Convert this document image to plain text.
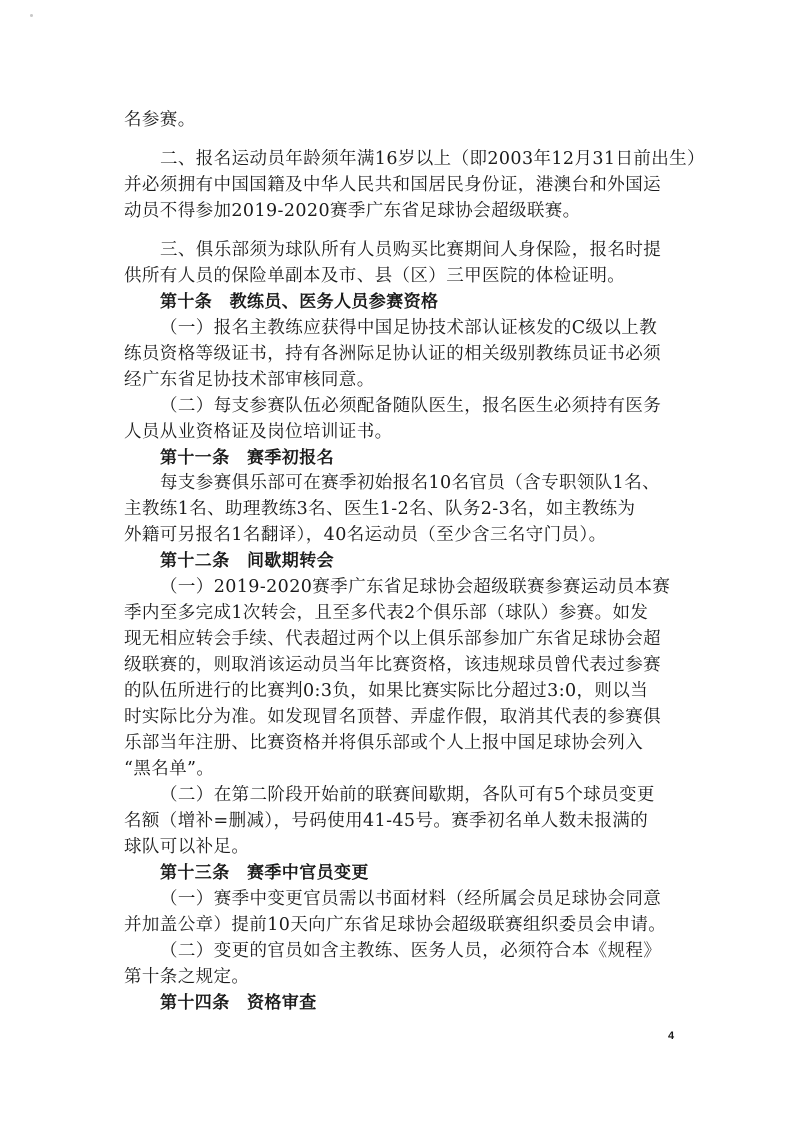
名参赛。
二、报名运动员年龄须年满16岁以上（即2003年12月31日前出生）
并必须拥有中国国籍及中华人民共和国居民身份证，港澳台和外国运
动员不得参加2019-2020赛季广东省足球协会超级联赛。
三、俱乐部须为球队所有人员购买比赛期间人身保险，报名时提
供所有人员的保险单副本及市、县（区）三甲医院的体检证明。
第十条　教练员、医务人员参赛资格
（一）报名主教练应获得中国足协技术部认证核发的C级以上教
练员资格等级证书，持有各洲际足协认证的相关级别教练员证书必须
经广东省足协技术部审核同意。
（二）每支参赛队伍必须配备随队医生，报名医生必须持有医务
人员从业资格证及岗位培训证书。
第十一条　赛季初报名
每支参赛俱乐部可在赛季初始报名10名官员（含专职领队1名、
主教练1名、助理教练3名、医生1-2名、队务2-3名，如主教练为
外籍可另报名1名翻译），40名运动员（至少含三名守门员）。
第十二条　间歇期转会
（一）2019-2020赛季广东省足球协会超级联赛参赛运动员本赛
季内至多完成1次转会，且至多代表2个俱乐部（球队）参赛。如发
现无相应转会手续、代表超过两个以上俱乐部参加广东省足球协会超
级联赛的，则取消该运动员当年比赛资格，该违规球员曾代表过参赛
的队伍所进行的比赛判0:3负，如果比赛实际比分超过3:0，则以当
时实际比分为准。如发现冒名顶替、弄虚作假，取消其代表的参赛俱
乐部当年注册、比赛资格并将俱乐部或个人上报中国足球协会列入
“黑名单”。
（二）在第二阶段开始前的联赛间歇期，各队可有5个球员变更
名额（增补=删减），号码使用41-45号。赛季初名单人数未报满的
球队可以补足。
第十三条　赛季中官员变更
（一）赛季中变更官员需以书面材料（经所属会员足球协会同意
并加盖公章）提前10天向广东省足球协会超级联赛组织委员会申请。
（二）变更的官员如含主教练、医务人员，必须符合本《规程》
第十条之规定。
第十四条　资格审查
4
